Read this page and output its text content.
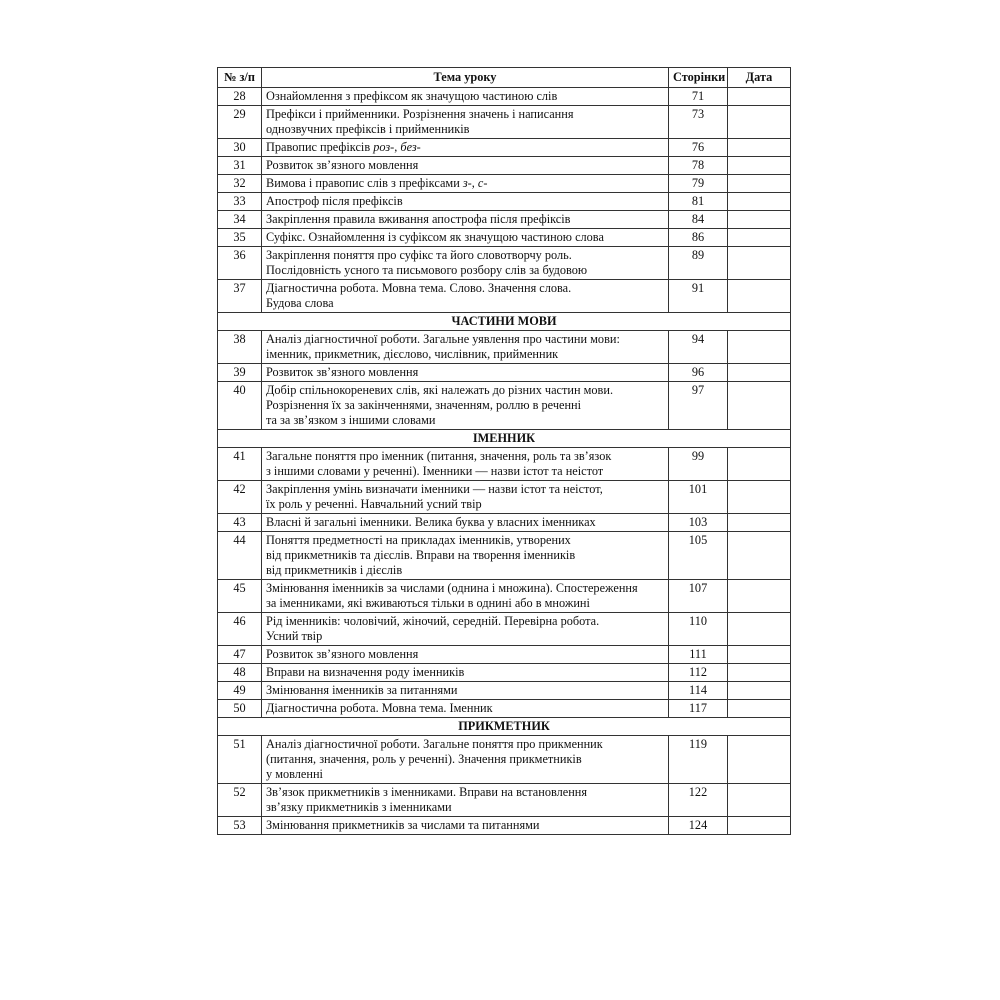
№ з/п	Тема уроку	Сторінки	Дата
28	Ознайомлення з префіксом як значущою частиною слів	71	
29	Префікси і прийменники. Розрізнення значень і написання
однозвучних префіксів і прийменників	73	
30	Правопис префіксів роз-, без-	76	
31	Розвиток зв’язного мовлення	78	
32	Вимова і правопис слів з префіксами з-, с-	79	
33	Апостроф після префіксів	81	
34	Закріплення правила вживання апострофа після префіксів	84	
35	Суфікс. Ознайомлення із суфіксом як значущою частиною слова	86	
36	Закріплення поняття про суфікс та його словотворчу роль.
Послідовність усного та письмового розбору слів за будовою	89	
37	Діагностична робота. Мовна тема. Слово. Значення слова.
Будова слова	91	
ЧАСТИНИ МОВИ			
38	Аналіз діагностичної роботи. Загальне уявлення про частини мови:
іменник, прикметник, дієслово, числівник, прийменник	94	
39	Розвиток зв’язного мовлення	96	
40	Добір спільнокореневих слів, які належать до різних частин мови.
Розрізнення їх за закінченнями, значенням, роллю в реченні
та за зв’язком з іншими словами	97	
ІМЕННИК			
41	Загальне поняття про іменник (питання, значення, роль та зв’язок
з іншими словами у реченні). Іменники — назви істот та неістот	99	
42	Закріплення умінь визначати іменники — назви істот та неістот,
їх роль у реченні. Навчальний усний твір	101	
43	Власні й загальні іменники. Велика буква у власних іменниках	103	
44	Поняття предметності на прикладах іменників, утворених
від прикметників та дієслів. Вправи на творення іменників
від прикметників і дієслів	105	
45	Змінювання іменників за числами (однина і множина). Спостереження
за іменниками, які вживаються тільки в однині або в множині	107	
46	Рід іменників: чоловічий, жіночий, середній. Перевірна робота.
Усний твір	110	
47	Розвиток зв’язного мовлення	111	
48	Вправи на визначення роду іменників	112	
49	Змінювання іменників за питаннями	114	
50	Діагностична робота. Мовна тема. Іменник	117	
ПРИКМЕТНИК			
51	Аналіз діагностичної роботи. Загальне поняття про прикменник
(питання, значення, роль у реченні). Значення прикметників
у мовленні	119	
52	Зв’язок прикметників з іменниками. Вправи на встановлення
зв’язку прикметників з іменниками	122	
53	Змінювання прикметників за числами та питаннями	124	
